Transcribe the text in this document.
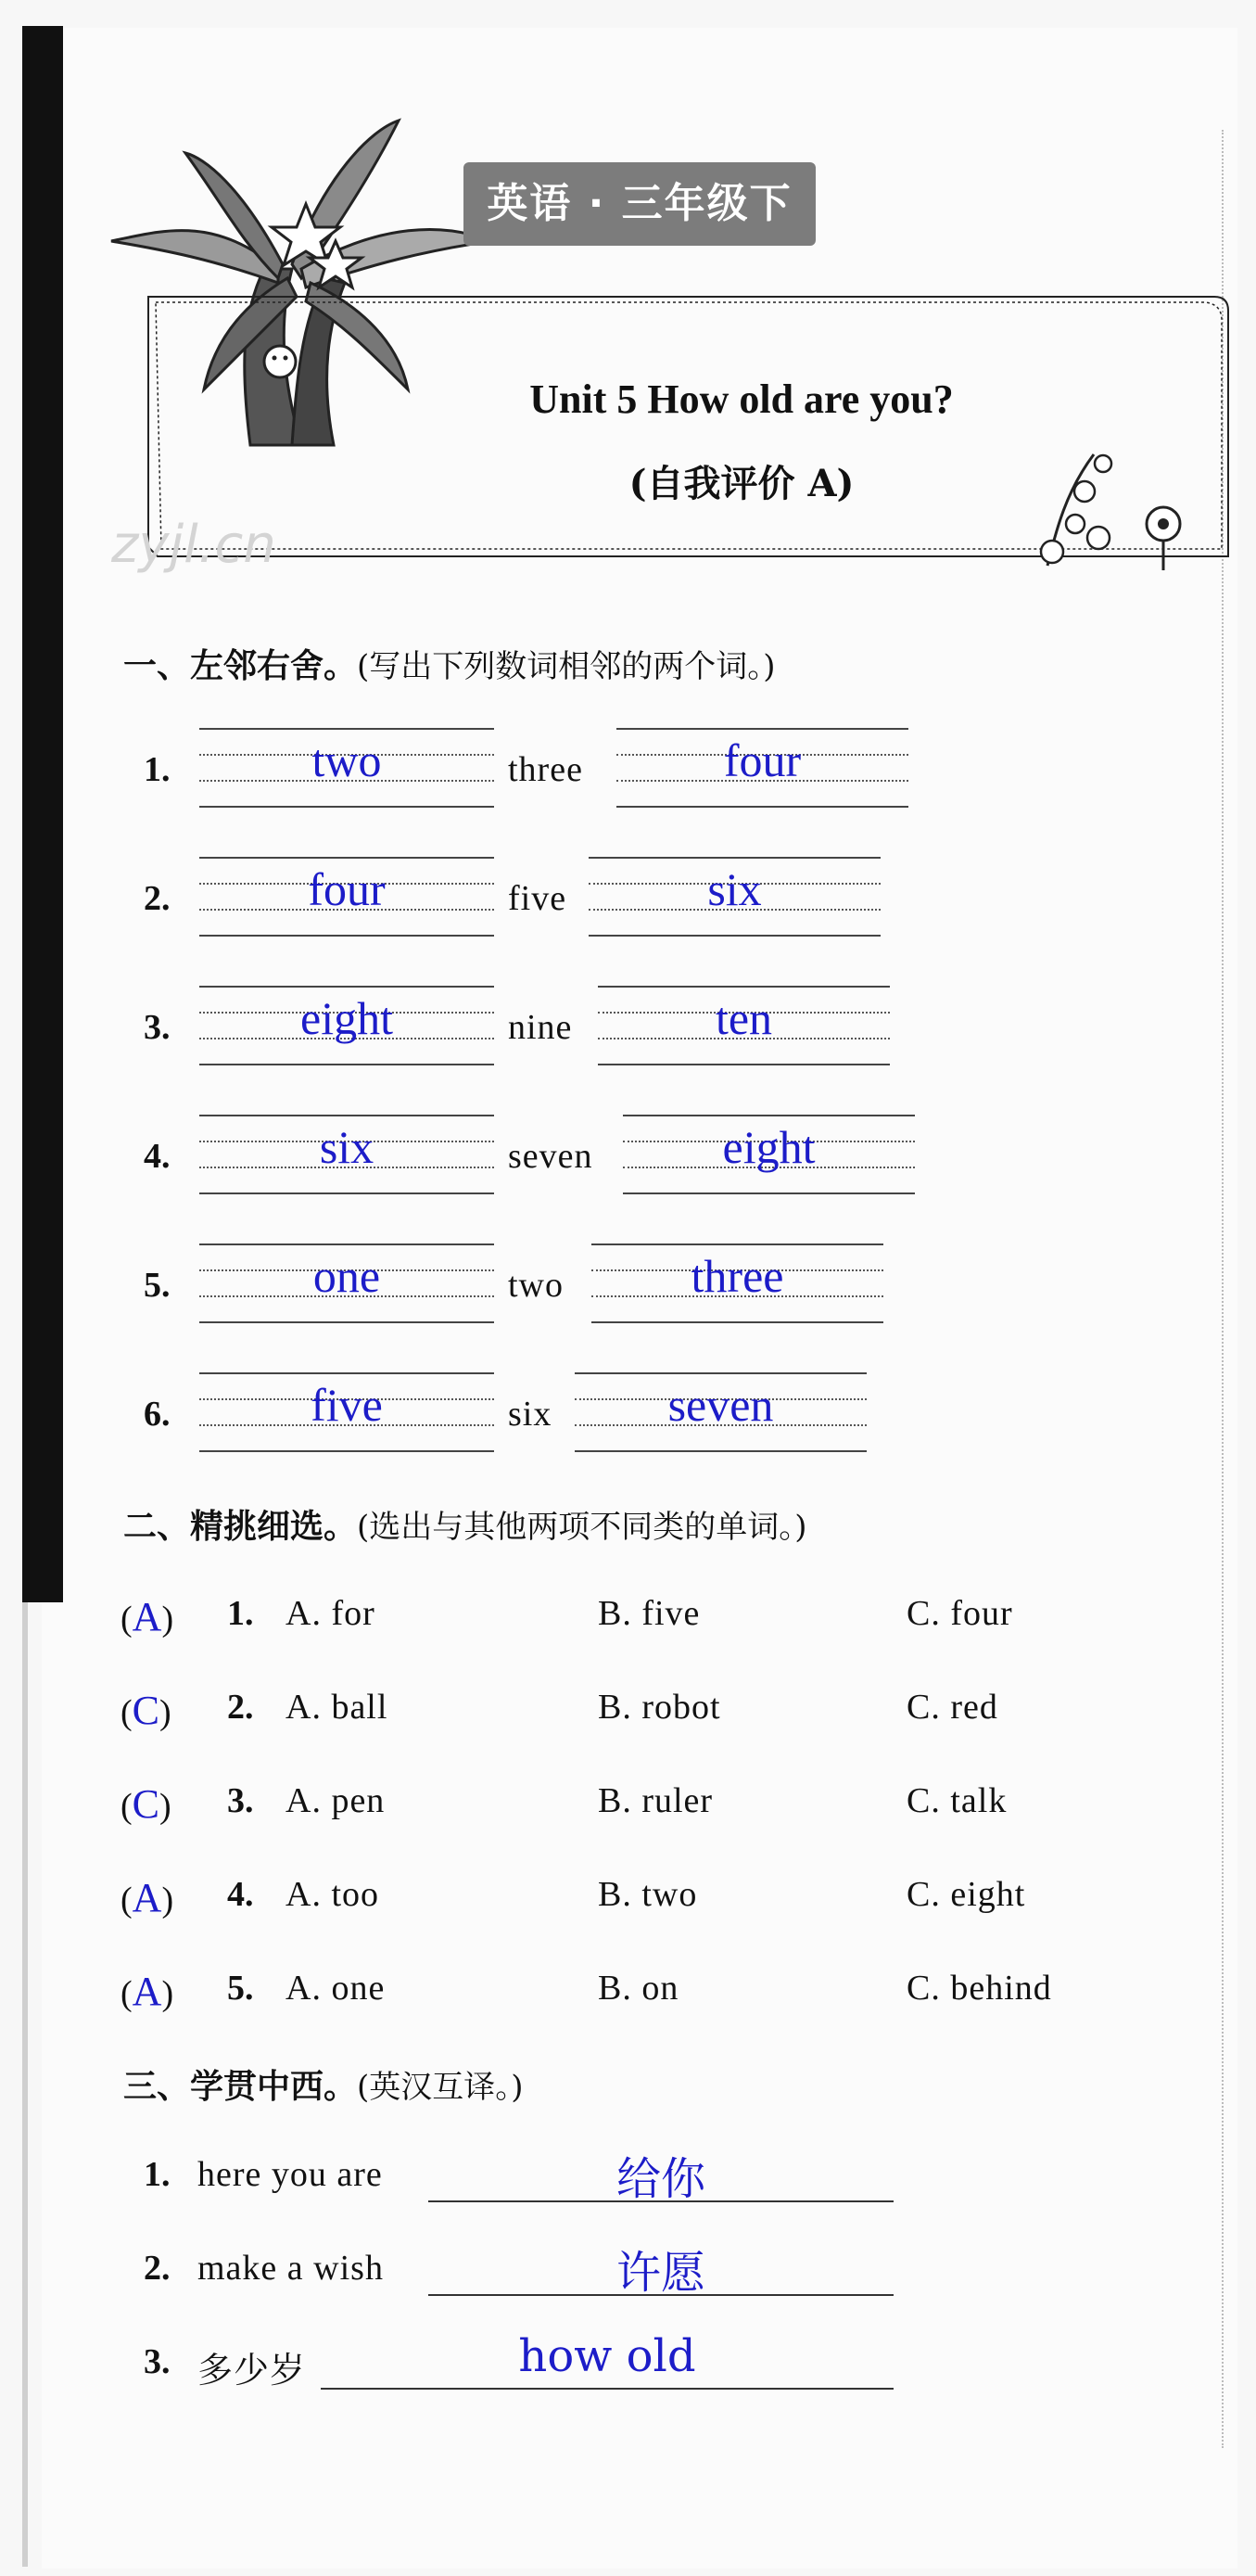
英语 · 三年级下
Unit 5 How old are you?
(自我评价 A)
zyjl.cn
一、左邻右舍。(写出下列数词相邻的两个词。)
1.	two	three	four
2.	four	five	six
3.	eight	nine	ten
4.	six	seven	eight
5.	one	two	three
6.	five	six	seven
二、精挑细选。(选出与其他两项不同类的单词。)
(A) 1. A. for	B. five	C. four
(C) 2. A. ball	B. robot	C. red
(C) 3. A. pen	B. ruler	C. talk
(A) 4. A. too	B. two	C. eight
(A) 5. A. one	B. on	C. behind
三、学贯中西。(英汉互译。)
1. here you are	给你
2. make a wish	许愿
3. 多少岁	how old
